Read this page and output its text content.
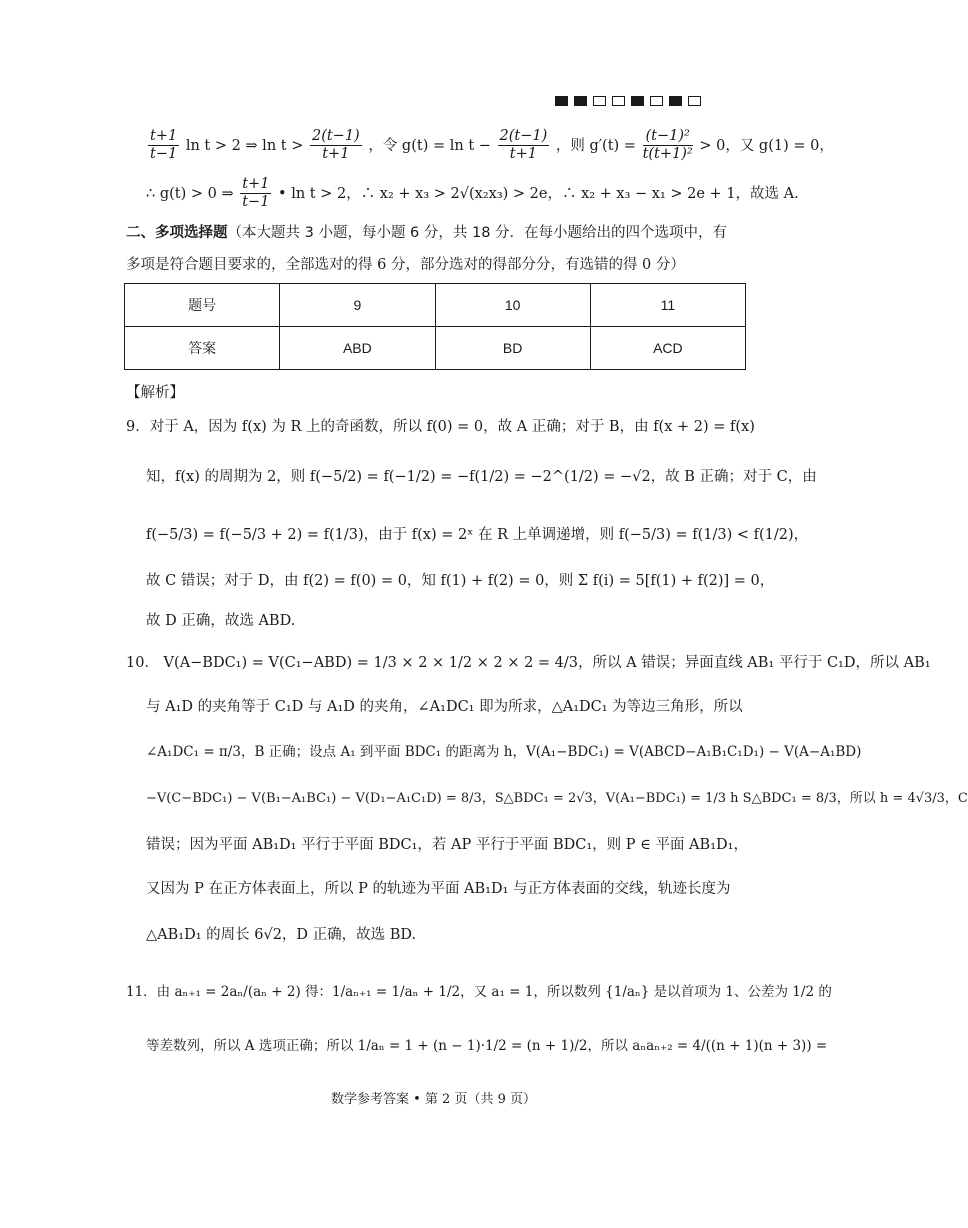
$\frac{t+1}{t-1}$ ln t > 2 ⇒ $\ln t > \frac{2(t-1)}{t+1}$ ，令 $g(t) = \ln t - \frac{2(t-1)}{t+1}$ ，则 $g'(t) = \frac{\text{(t−1)²}}{\text{t(t+1)²}} > 0$，又 g(1) = 0，
∴ g(t) > 0 ⇒ $\frac{t+1}{t-1}$ • ln t > 2，∴ x₂ + x₃ > 2√(x₂x₃) > 2e，∴ x₂ + x₃ − x₁ > 2e + 1，故选 A.
二、多项选择题（本大题共 3 小题，每小题 6 分，共 18 分．在每小题给出的四个选项中，有
多项是符合题目要求的，全部选对的得 6 分，部分选对的得部分分，有选错的得 0 分）
题号	9	10	11
答案	ABD	BD	ACD
【解析】
9．对于 A，因为 f(x) 为 R 上的奇函数，所以 f(0) = 0，故 A 正确；对于 B，由 f(x + 2) = f(x)
知，f(x) 的周期为 2，则 f(−5/2) = f(−1/2) = −f(1/2) = −2^(1/2) = −√2，故 B 正确；对于 C，由
f(−5/3) = f(−5/3 + 2) = f(1/3)，由于 f(x) = 2ˣ 在 R 上单调递增，则 f(−5/3) = f(1/3) < f(1/2)，
故 C 错误；对于 D，由 f(2) = f(0) = 0，知 f(1) + f(2) = 0，则 Σ f(i) = 5[f(1) + f(2)] = 0，
故 D 正确，故选 ABD.
10． V(A−BDC₁) = V(C₁−ABD) = 1/3 × 2 × 1/2 × 2 × 2 = 4/3，所以 A 错误；异面直线 AB₁ 平行于 C₁D，所以 AB₁
与 A₁D 的夹角等于 C₁D 与 A₁D 的夹角，∠A₁DC₁ 即为所求，△A₁DC₁ 为等边三角形，所以
∠A₁DC₁ = π/3，B 正确；设点 A₁ 到平面 BDC₁ 的距离为 h，V(A₁−BDC₁) = V(ABCD−A₁B₁C₁D₁) − V(A−A₁BD)
−V(C−BDC₁) − V(B₁−A₁BC₁) − V(D₁−A₁C₁D) = 8/3，S△BDC₁ = 2√3，V(A₁−BDC₁) = 1/3 h S△BDC₁ = 8/3，所以 h = 4√3/3，C
错误；因为平面 AB₁D₁ 平行于平面 BDC₁，若 AP 平行于平面 BDC₁，则 P ∈ 平面 AB₁D₁，
又因为 P 在正方体表面上，所以 P 的轨迹为平面 AB₁D₁ 与正方体表面的交线，轨迹长度为
△AB₁D₁ 的周长 6√2，D 正确，故选 BD.
11．由 aₙ₊₁ = 2aₙ/(aₙ + 2) 得：1/aₙ₊₁ = 1/aₙ + 1/2，又 a₁ = 1，所以数列 {1/aₙ} 是以首项为 1、公差为 1/2 的
等差数列，所以 A 选项正确；所以 1/aₙ = 1 + (n − 1)·1/2 = (n + 1)/2，所以 aₙaₙ₊₂ = 4/((n + 1)(n + 3)) =
数学参考答案 • 第 2 页（共 9 页）
